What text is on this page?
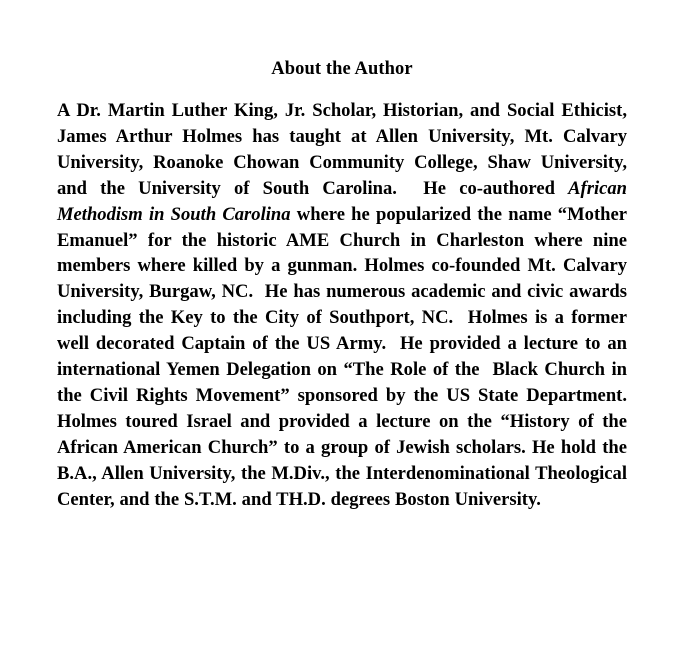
About the Author

A Dr. Martin Luther King, Jr. Scholar, Historian, and Social Ethicist, James Arthur Holmes has taught at Allen University, Mt. Calvary University, Roanoke Chowan Community College, Shaw University, and the University of South Carolina.  He co-authored African Methodism in South Carolina where he popularized the name “Mother Emanuel” for the historic AME Church in Charleston where nine members where killed by a gunman. Holmes co-founded Mt. Calvary University, Burgaw, NC.  He has numerous academic and civic awards including the Key to the City of Southport, NC.  Holmes is a former well decorated Captain of the US Army.  He provided a lecture to an international Yemen Delegation on “The Role of the  Black Church in the Civil Rights Movement” sponsored by the US State Department. Holmes toured Israel and provided a lecture on the “History of the African American Church” to a group of Jewish scholars. He hold the B.A., Allen University, the M.Div., the Interdenominational Theological Center, and the S.T.M. and TH.D. degrees Boston University.
